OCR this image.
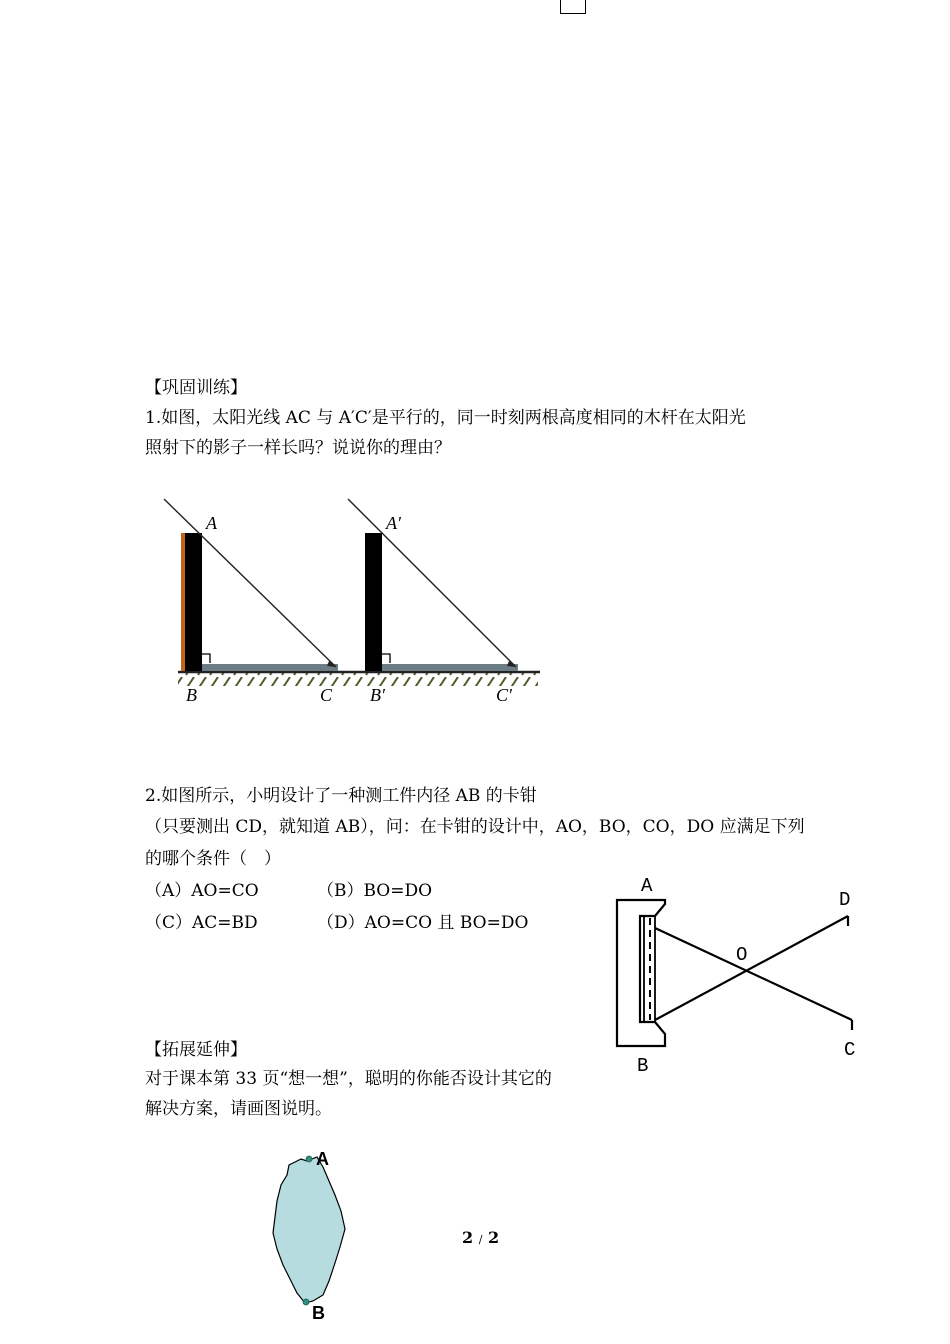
【巩固训练】
1.如图，太阳光线 AC 与 A′C′是平行的，同一时刻两根高度相同的木杆在太阳光
照射下的影子一样长吗？说说你的理由？
A	A′
B	C B′	C′
2.如图所示，小明设计了一种测工件内径 AB 的卡钳
（只要测出 CD，就知道 AB），问：在卡钳的设计中，AO，BO，CO，DO 应满足下列
的哪个条件（　）
（A）AO=CO	（B）BO=DO
（C）AC=BD	（D）AO=CO 且 BO=DO
A
B
D
C
O
【拓展延伸】
对于课本第 33 页“想一想”，聪明的你能否设计其它的
解决方案，请画图说明。
A
B
2 / 2
